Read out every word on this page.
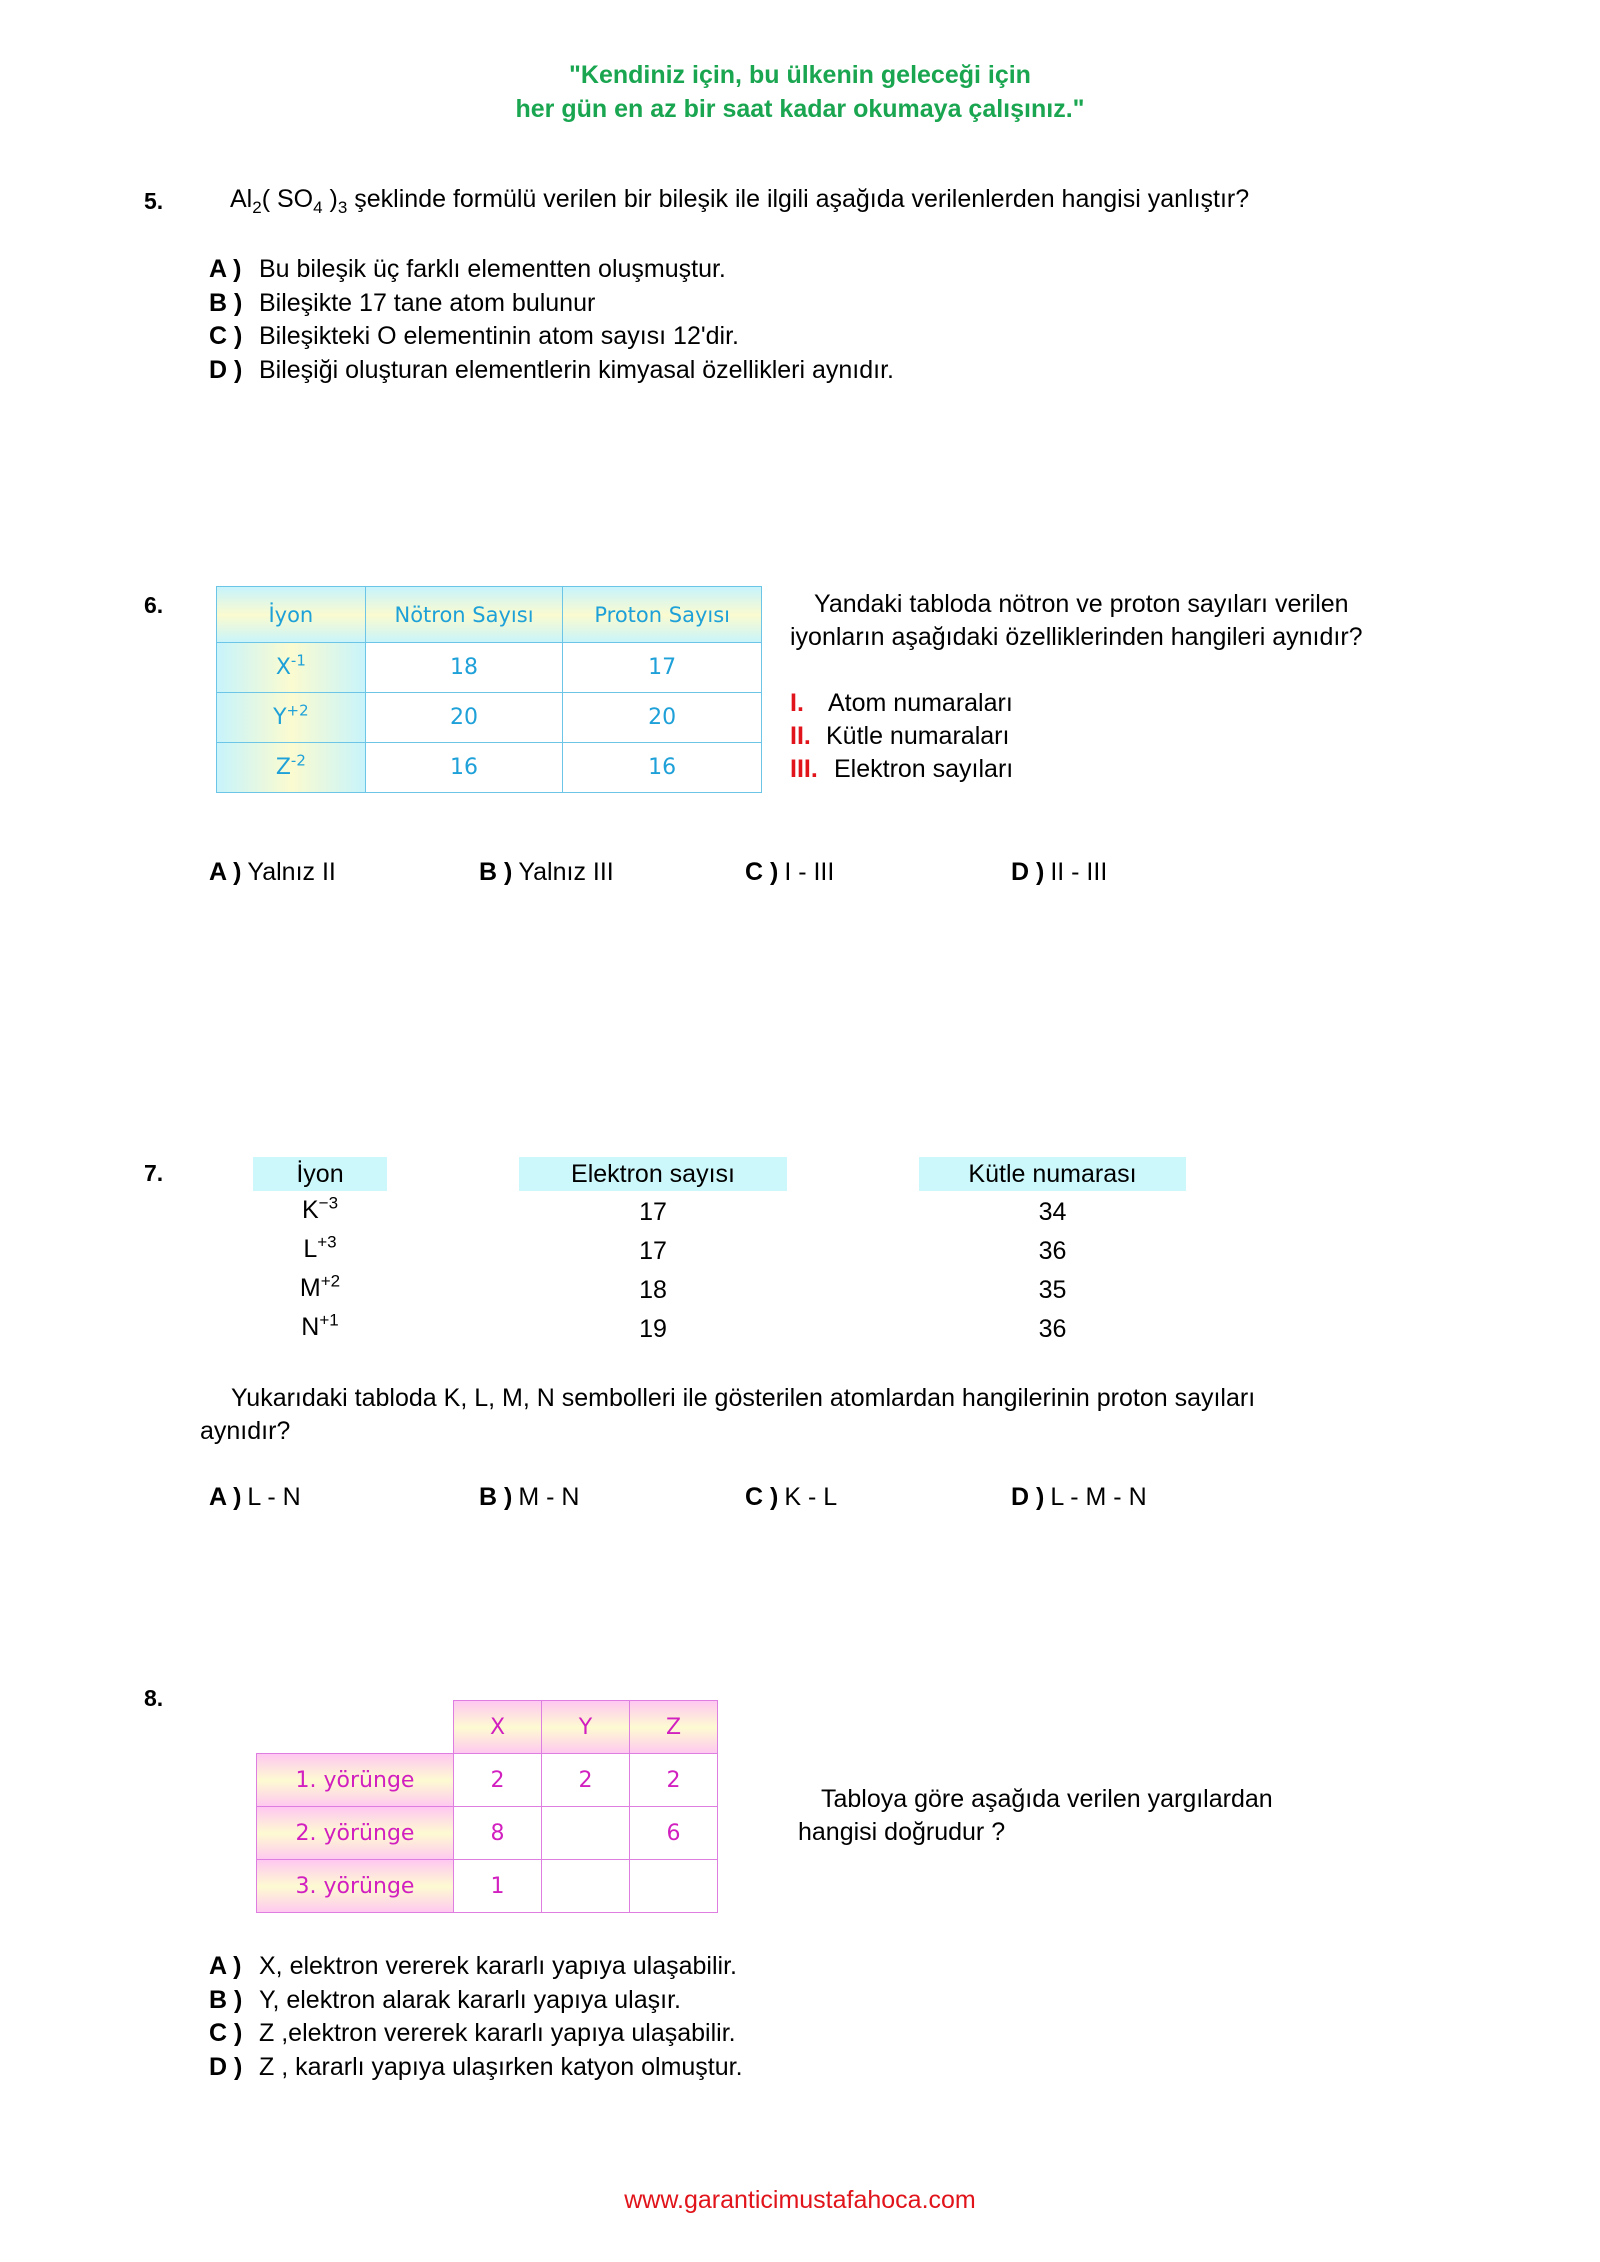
"Kendiniz için, bu ülkenin geleceği için
her gün en az bir saat kadar okumaya çalışınız."
5.	$Al_2$( $SO_4$ )$_3$ şeklinde formülü verilen bir bileşik ile ilgili aşağıda verilenlerden hangisi yanlıştır?
A ) Bu bileşik üç farklı elementten oluşmuştur.
B ) Bileşikte 17 tane atom bulunur
C ) Bileşikteki O elementinin atom sayısı 12'dir.
D ) Bileşiği oluşturan elementlerin kimyasal özellikleri aynıdır.
6.	İyon	Nötron Sayısı	Proton Sayısı
$X^{-1}$	18	17
$Y^{+2}$	20	20
$Z^{-2}$	16	16
Yandaki tabloda nötron ve proton sayıları verilen
iyonların aşağıdaki özelliklerinden hangileri aynıdır?
I. Atom numaraları
II. Kütle numaraları
III. Elektron sayıları
A ) Yalnız II	B ) Yalnız III	C ) I - III	D ) II - III
7.	İyon	Elektron sayısı	Kütle numarası
$K^{-3}$	17	34
$L^{+3}$	17	36
$M^{+2}$	18	35
$N^{+1}$	19	36
Yukarıdaki tabloda K, L, M, N sembolleri ile gösterilen atomlardan hangilerinin proton sayıları
aynıdır?
A ) L - N	B ) M - N	C ) K - L	D ) L - M - N
8.
	X	Y	Z
1. yörünge	2	2	2
2. yörünge	8		6
3. yörünge	1		
Tabloya göre aşağıda verilen yargılardan
hangisi doğrudur ?
A ) X, elektron vererek kararlı yapıya ulaşabilir.
B ) Y, elektron alarak kararlı yapıya ulaşır.
C ) Z ,elektron vererek kararlı yapıya ulaşabilir.
D ) Z , kararlı yapıya ulaşırken katyon olmuştur.
www.garanticimustafahoca.com
